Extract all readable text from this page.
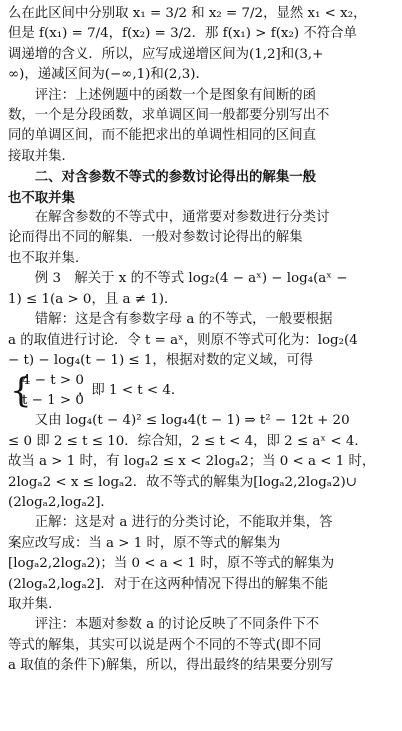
么在此区间中分别取 x₁ = 3/2 和 x₂ = 7/2，显然 x₁ < x₂，
但是 f(x₁) = 7/4，f(x₂) = 3/2．那 f(x₁) > f(x₂) 不符合单
调递增的含义．所以，应写成递增区间为(1,2]和(3,+
∞)，递减区间为(−∞,1)和(2,3)．
评注：上述例题中的函数一个是图象有间断的函
数，一个是分段函数，求单调区间一般都要分别写出不
同的单调区间，而不能把求出的单调性相同的区间直
接取并集．
二、对含参数不等式的参数讨论得出的解集一般
也不取并集
在解含参数的不等式中，通常要对参数进行分类讨
论而得出不同的解集．一般对参数讨论得出的解集
也不取并集．
例 3　解关于 x 的不等式 log₂(4 − aˣ) − log₄(aˣ −
1) ≤ 1(a > 0，且 a ≠ 1)．
错解：这是含有参数字母 a 的不等式，一般要根据
a 的取值进行讨论．令 t = aˣ，则原不等式可化为：log₂(4
− t) − log₄(t − 1) ≤ 1，根据对数的定义域，可得
{
4 − t > 0
t − 1 > 0
，即 1 < t < 4．
又由 log₄(t − 4)² ≤ log₄4(t − 1) ⇒ t² − 12t + 20
≤ 0 即 2 ≤ t ≤ 10．综合知，2 ≤ t < 4，即 2 ≤ aˣ < 4．
故当 a > 1 时，有 logₐ2 ≤ x < 2logₐ2；当 0 < a < 1 时，
2logₐ2 < x ≤ logₐ2．故不等式的解集为[logₐ2,2logₐ2)∪
(2logₐ2,logₐ2]．
正解：这是对 a 进行的分类讨论，不能取并集，答
案应改写成：当 a > 1 时，原不等式的解集为
[logₐ2,2logₐ2)；当 0 < a < 1 时，原不等式的解集为
(2logₐ2,logₐ2]．对于在这两种情况下得出的解集不能
取并集．
评注：本题对参数 a 的讨论反映了不同条件下不
等式的解集，其实可以说是两个不同的不等式(即不同
a 取值的条件下)解集，所以，得出最终的结果要分别写
